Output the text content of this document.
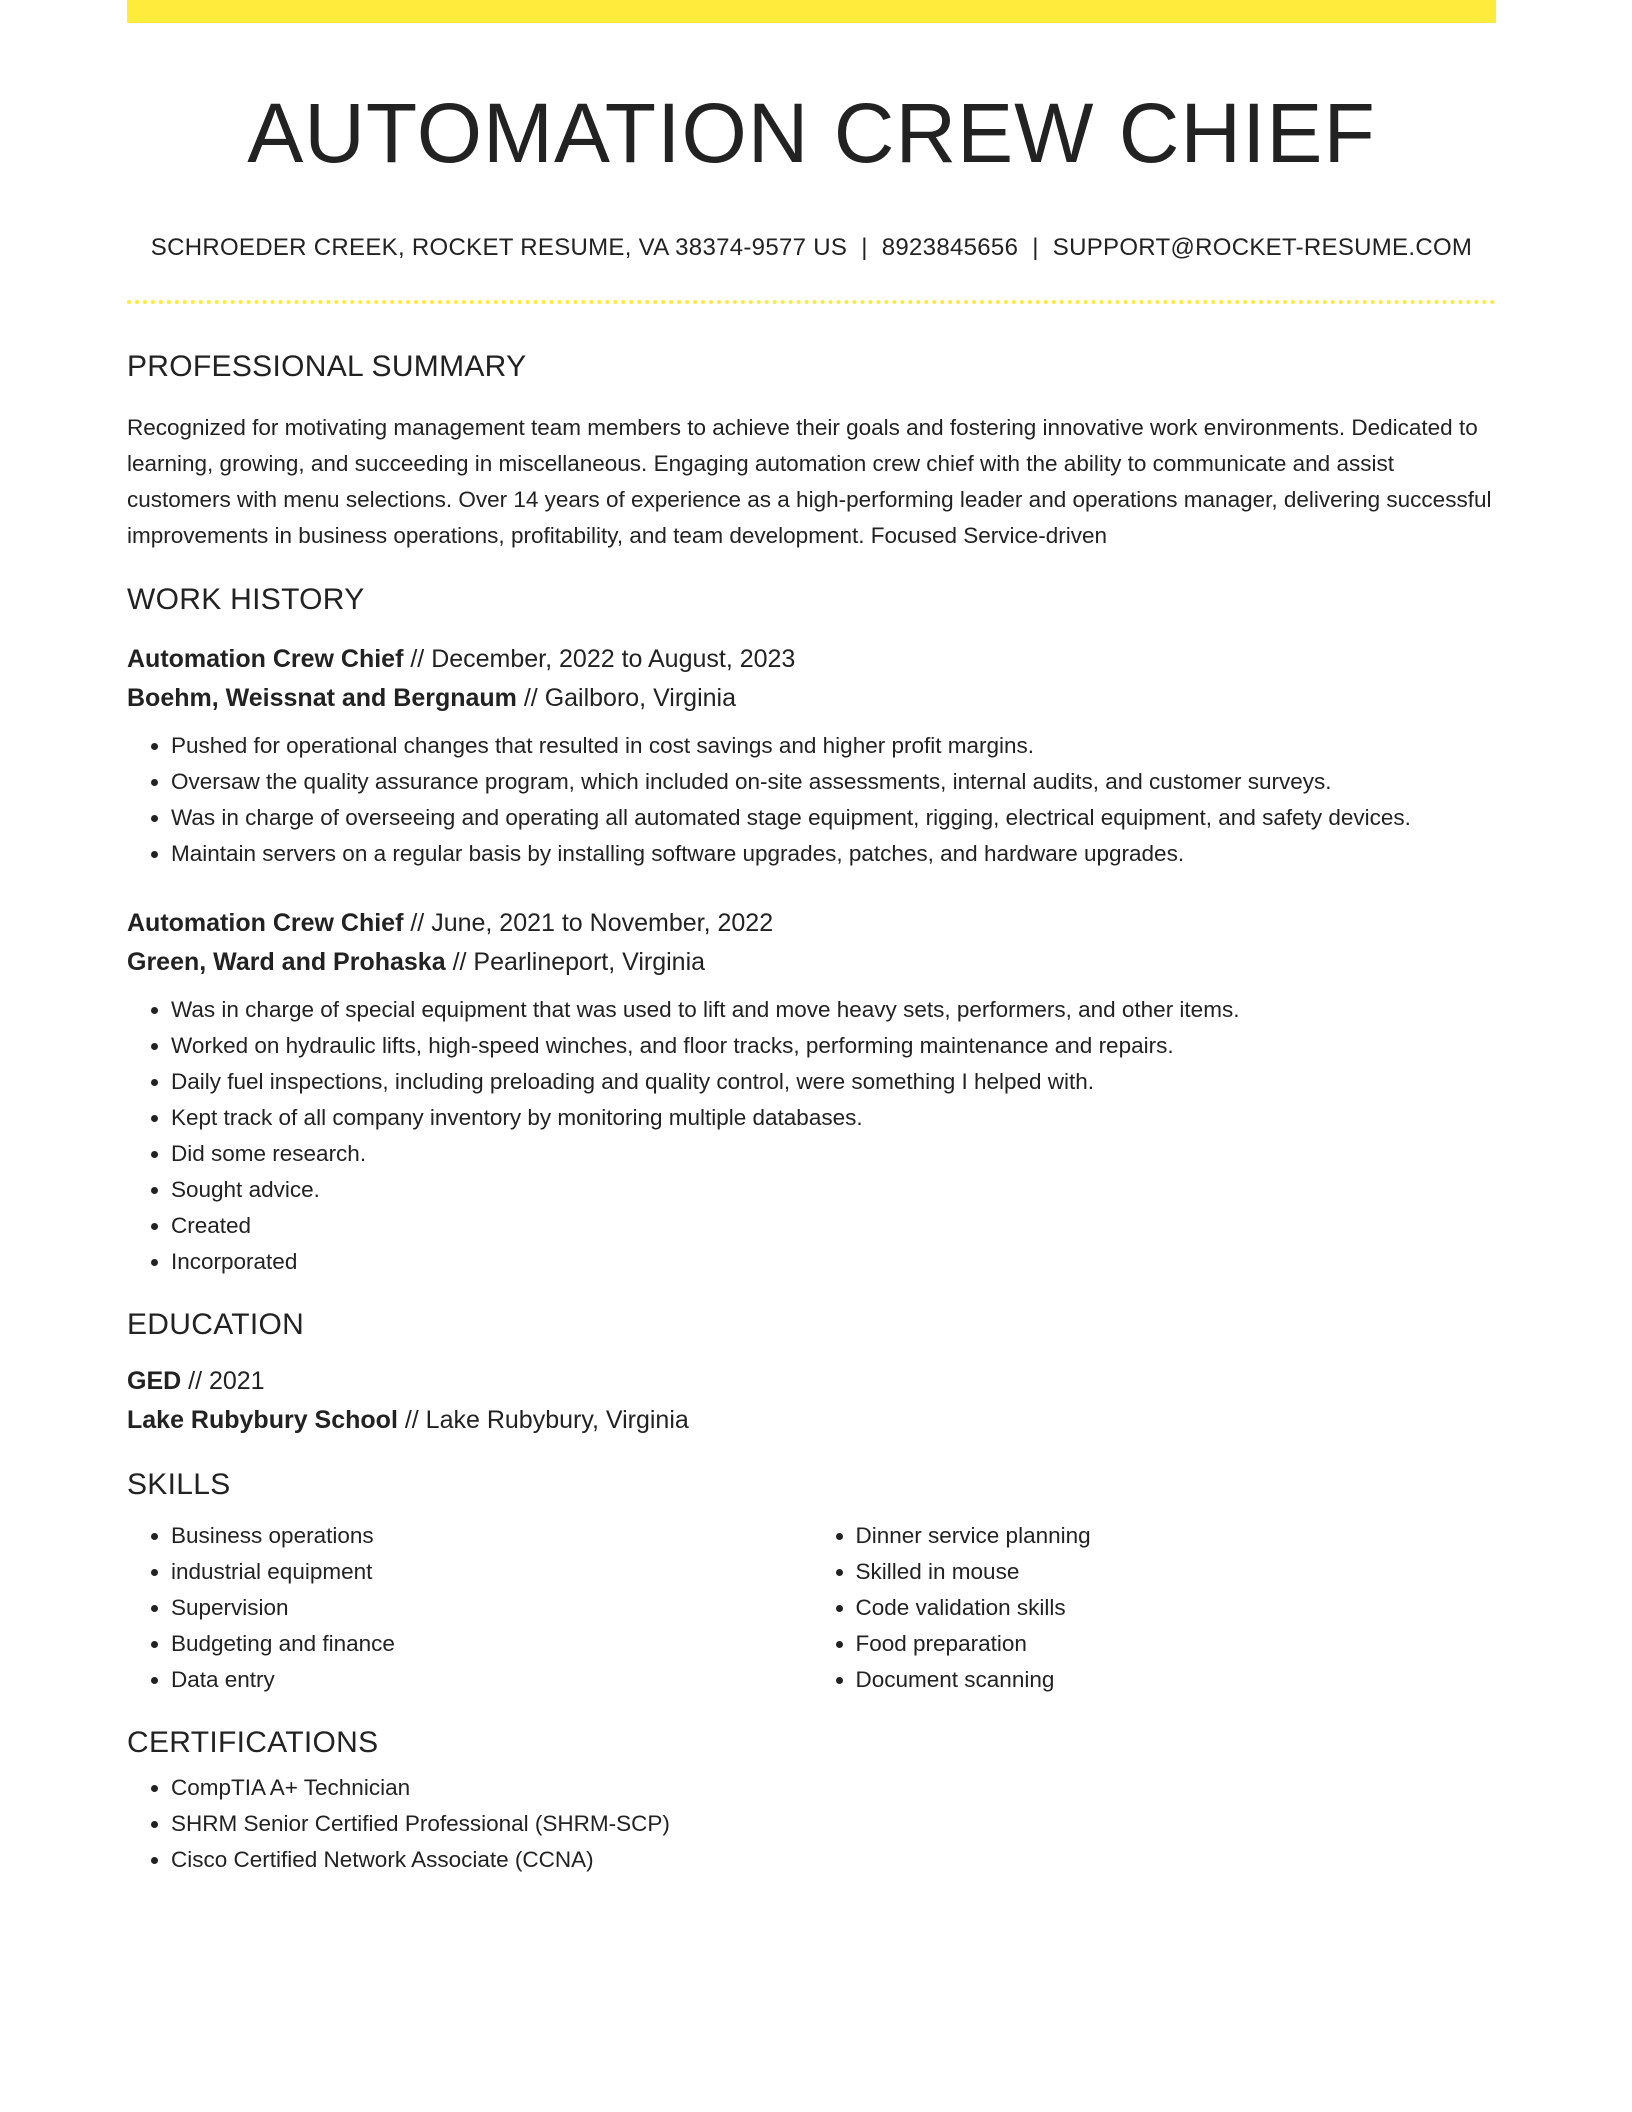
AUTOMATION CREW CHIEF
SCHROEDER CREEK, ROCKET RESUME, VA 38374-9577 US | 8923845656 | SUPPORT@ROCKET-RESUME.COM
PROFESSIONAL SUMMARY

Recognized for motivating management team members to achieve their goals and fostering innovative work environments. Dedicated to learning, growing, and succeeding in miscellaneous. Engaging automation crew chief with the ability to communicate and assist customers with menu selections. Over 14 years of experience as a high-performing leader and operations manager, delivering successful improvements in business operations, profitability, and team development. Focused Service-driven

WORK HISTORY
Automation Crew Chief // December, 2022 to August, 2023
Boehm, Weissnat and Bergnaum // Gailboro, Virginia
• Pushed for operational changes that resulted in cost savings and higher profit margins.
• Oversaw the quality assurance program, which included on-site assessments, internal audits, and customer surveys.
• Was in charge of overseeing and operating all automated stage equipment, rigging, electrical equipment, and safety devices.
• Maintain servers on a regular basis by installing software upgrades, patches, and hardware upgrades.
Automation Crew Chief // June, 2021 to November, 2022
Green, Ward and Prohaska // Pearlineport, Virginia
• Was in charge of special equipment that was used to lift and move heavy sets, performers, and other items.
• Worked on hydraulic lifts, high-speed winches, and floor tracks, performing maintenance and repairs.
• Daily fuel inspections, including preloading and quality control, were something I helped with.
• Kept track of all company inventory by monitoring multiple databases.
• Did some research.
• Sought advice.
• Created
• Incorporated
EDUCATION
GED // 2021
Lake Rubybury School // Lake Rubybury, Virginia
SKILLS
• Business operations
• industrial equipment
• Supervision
• Budgeting and finance
• Data entry
• Dinner service planning
• Skilled in mouse
• Code validation skills
• Food preparation
• Document scanning
CERTIFICATIONS
• CompTIA A+ Technician
• SHRM Senior Certified Professional (SHRM-SCP)
• Cisco Certified Network Associate (CCNA)
